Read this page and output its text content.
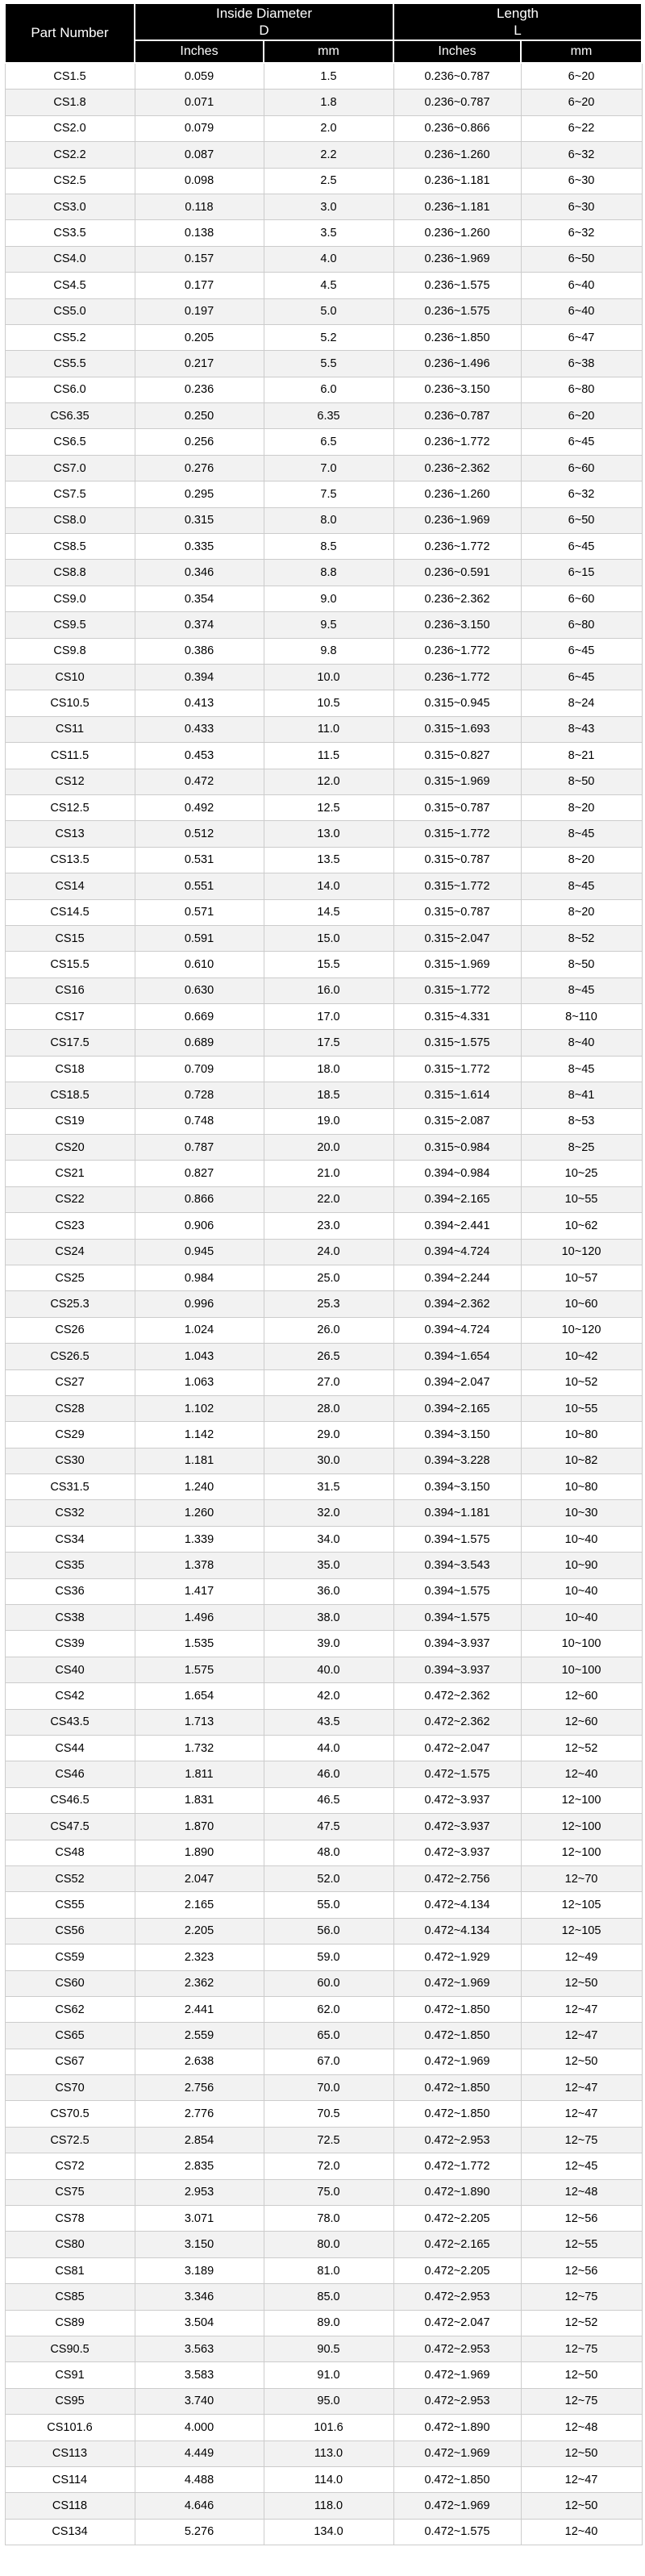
Part Number	
Inside Diameter
D

Length
L

	Inches	mm	Inches	mm
CS1.5	0.059	1.5	0.236~0.787	6~20
CS1.8	0.071	1.8	0.236~0.787	6~20
CS2.0	0.079	2.0	0.236~0.866	6~22
CS2.2	0.087	2.2	0.236~1.260	6~32
CS2.5	0.098	2.5	0.236~1.181	6~30
CS3.0	0.118	3.0	0.236~1.181	6~30
CS3.5	0.138	3.5	0.236~1.260	6~32
CS4.0	0.157	4.0	0.236~1.969	6~50
CS4.5	0.177	4.5	0.236~1.575	6~40
CS5.0	0.197	5.0	0.236~1.575	6~40
CS5.2	0.205	5.2	0.236~1.850	6~47
CS5.5	0.217	5.5	0.236~1.496	6~38
CS6.0	0.236	6.0	0.236~3.150	6~80
CS6.35	0.250	6.35	0.236~0.787	6~20
CS6.5	0.256	6.5	0.236~1.772	6~45
CS7.0	0.276	7.0	0.236~2.362	6~60
CS7.5	0.295	7.5	0.236~1.260	6~32
CS8.0	0.315	8.0	0.236~1.969	6~50
CS8.5	0.335	8.5	0.236~1.772	6~45
CS8.8	0.346	8.8	0.236~0.591	6~15
CS9.0	0.354	9.0	0.236~2.362	6~60
CS9.5	0.374	9.5	0.236~3.150	6~80
CS9.8	0.386	9.8	0.236~1.772	6~45
CS10	0.394	10.0	0.236~1.772	6~45
CS10.5	0.413	10.5	0.315~0.945	8~24
CS11	0.433	11.0	0.315~1.693	8~43
CS11.5	0.453	11.5	0.315~0.827	8~21
CS12	0.472	12.0	0.315~1.969	8~50
CS12.5	0.492	12.5	0.315~0.787	8~20
CS13	0.512	13.0	0.315~1.772	8~45
CS13.5	0.531	13.5	0.315~0.787	8~20
CS14	0.551	14.0	0.315~1.772	8~45
CS14.5	0.571	14.5	0.315~0.787	8~20
CS15	0.591	15.0	0.315~2.047	8~52
CS15.5	0.610	15.5	0.315~1.969	8~50
CS16	0.630	16.0	0.315~1.772	8~45
CS17	0.669	17.0	0.315~4.331	8~110
CS17.5	0.689	17.5	0.315~1.575	8~40
CS18	0.709	18.0	0.315~1.772	8~45
CS18.5	0.728	18.5	0.315~1.614	8~41
CS19	0.748	19.0	0.315~2.087	8~53
CS20	0.787	20.0	0.315~0.984	8~25
CS21	0.827	21.0	0.394~0.984	10~25
CS22	0.866	22.0	0.394~2.165	10~55
CS23	0.906	23.0	0.394~2.441	10~62
CS24	0.945	24.0	0.394~4.724	10~120
CS25	0.984	25.0	0.394~2.244	10~57
CS25.3	0.996	25.3	0.394~2.362	10~60
CS26	1.024	26.0	0.394~4.724	10~120
CS26.5	1.043	26.5	0.394~1.654	10~42
CS27	1.063	27.0	0.394~2.047	10~52
CS28	1.102	28.0	0.394~2.165	10~55
CS29	1.142	29.0	0.394~3.150	10~80
CS30	1.181	30.0	0.394~3.228	10~82
CS31.5	1.240	31.5	0.394~3.150	10~80
CS32	1.260	32.0	0.394~1.181	10~30
CS34	1.339	34.0	0.394~1.575	10~40
CS35	1.378	35.0	0.394~3.543	10~90
CS36	1.417	36.0	0.394~1.575	10~40
CS38	1.496	38.0	0.394~1.575	10~40
CS39	1.535	39.0	0.394~3.937	10~100
CS40	1.575	40.0	0.394~3.937	10~100
CS42	1.654	42.0	0.472~2.362	12~60
CS43.5	1.713	43.5	0.472~2.362	12~60
CS44	1.732	44.0	0.472~2.047	12~52
CS46	1.811	46.0	0.472~1.575	12~40
CS46.5	1.831	46.5	0.472~3.937	12~100
CS47.5	1.870	47.5	0.472~3.937	12~100
CS48	1.890	48.0	0.472~3.937	12~100
CS52	2.047	52.0	0.472~2.756	12~70
CS55	2.165	55.0	0.472~4.134	12~105
CS56	2.205	56.0	0.472~4.134	12~105
CS59	2.323	59.0	0.472~1.929	12~49
CS60	2.362	60.0	0.472~1.969	12~50
CS62	2.441	62.0	0.472~1.850	12~47
CS65	2.559	65.0	0.472~1.850	12~47
CS67	2.638	67.0	0.472~1.969	12~50
CS70	2.756	70.0	0.472~1.850	12~47
CS70.5	2.776	70.5	0.472~1.850	12~47
CS72.5	2.854	72.5	0.472~2.953	12~75
CS72	2.835	72.0	0.472~1.772	12~45
CS75	2.953	75.0	0.472~1.890	12~48
CS78	3.071	78.0	0.472~2.205	12~56
CS80	3.150	80.0	0.472~2.165	12~55
CS81	3.189	81.0	0.472~2.205	12~56
CS85	3.346	85.0	0.472~2.953	12~75
CS89	3.504	89.0	0.472~2.047	12~52
CS90.5	3.563	90.5	0.472~2.953	12~75
CS91	3.583	91.0	0.472~1.969	12~50
CS95	3.740	95.0	0.472~2.953	12~75
CS101.6	4.000	101.6	0.472~1.890	12~48
CS113	4.449	113.0	0.472~1.969	12~50
CS114	4.488	114.0	0.472~1.850	12~47
CS118	4.646	118.0	0.472~1.969	12~50
CS134	5.276	134.0	0.472~1.575	12~40
